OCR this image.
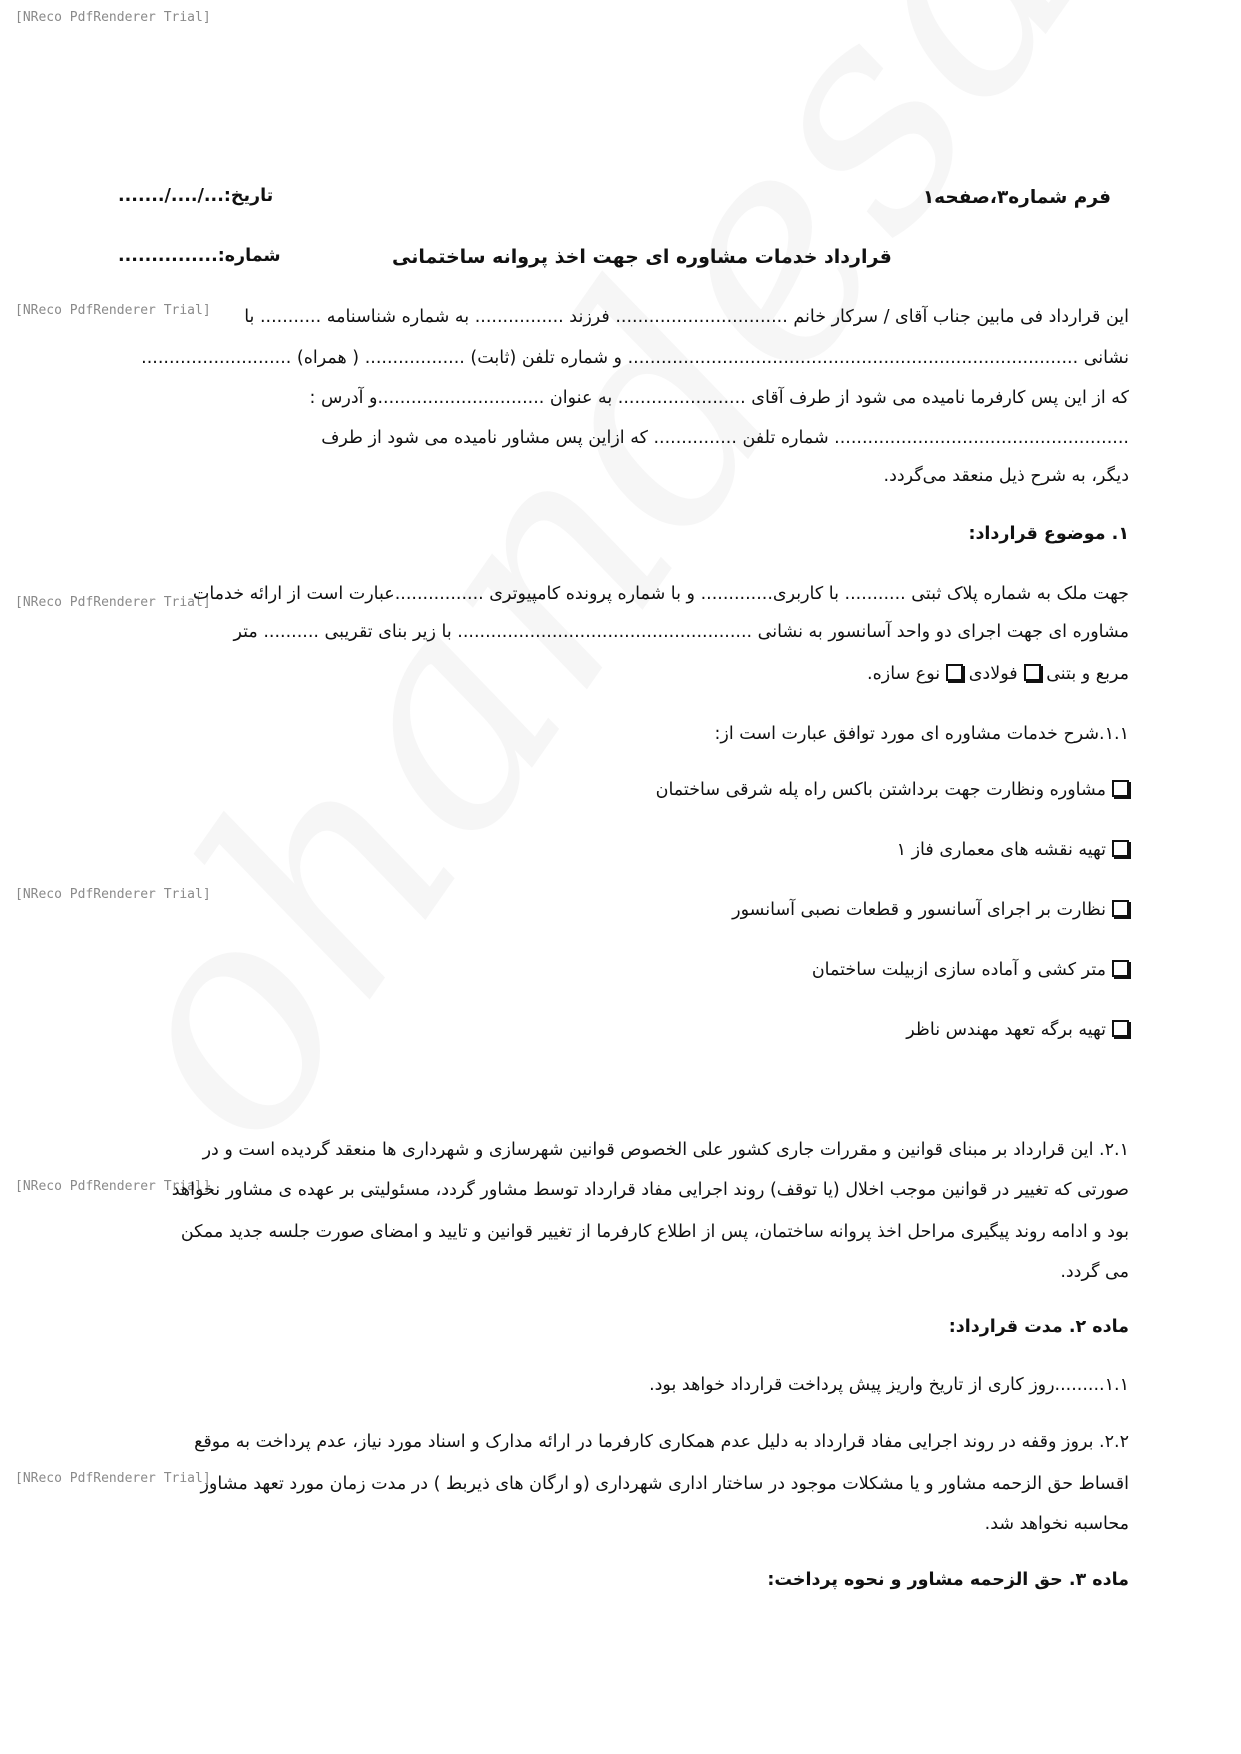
[NReco PdfRenderer Trial]
[NReco PdfRenderer Trial]
[NReco PdfRenderer Trial]
[NReco PdfRenderer Trial]
[NReco PdfRenderer Trial]
[NReco PdfRenderer Trial]
فرم شماره۳،صفحه۱
تاریخ:.../..../.......
قرارداد خدمات مشاوره ای جهت اخذ پروانه ساختمانی
شماره:...............
این قرارداد فی مابین جناب آقای / سرکار خانم ............................... فرزند ................ به شماره شناسنامه ........... با
نشانی ................................................................................. و شماره تلفن (ثابت) .................. ( همراه) ...........................
که از این پس کارفرما نامیده می شود از طرف آقای ....................... به عنوان ..............................و آدرس :
..................................................... شماره تلفن ............... که ازاین پس مشاور نامیده می شود از طرف
دیگر، به شرح ذیل منعقد می‌گردد.
۱. موضوع قرارداد:
جهت ملک به شماره پلاک ثبتی ........... با کاربری............. و با شماره پرونده کامپیوتری ................عبارت است از ارائه خدمات
مشاوره ای جهت اجرای دو واحد آسانسور به نشانی ..................................................... با زیر بنای تقریبی .......... متر
مربع و بتنی فولادی نوع سازه.
۱.۱.شرح خدمات مشاوره ای مورد توافق عبارت است از:
مشاوره ونظارت جهت برداشتن باکس راه پله شرقی ساختمان
تهیه نقشه های معماری فاز ۱
نظارت بر اجرای آسانسور و قطعات نصبی آسانسور
متر کشی و آماده سازی ازبیلت ساختمان
تهیه برگه تعهد مهندس ناظر
۲.۱. این قرارداد بر مبنای قوانین و مقررات جاری کشور علی الخصوص قوانین شهرسازی و شهرداری ها منعقد گردیده است و در
صورتی که تغییر در قوانین موجب اخلال (یا توقف) روند اجرایی مفاد قرارداد توسط مشاور گردد، مسئولیتی بر عهده ی مشاور نخواهد
بود و ادامه روند پیگیری مراحل اخذ پروانه ساختمان، پس از اطلاع کارفرما از تغییر قوانین و تایید و امضای صورت جلسه جدید ممکن
می گردد.
ماده ۲. مدت قرارداد:
۱.۱.........روز کاری از تاریخ واریز پیش پرداخت قرارداد خواهد بود.
۲.۲. بروز وقفه در روند اجرایی مفاد قرارداد به دلیل عدم همکاری کارفرما در ارائه مدارک و اسناد مورد نیاز، عدم پرداخت به موقع
اقساط حق الزحمه مشاور و یا مشکلات موجود در ساختار اداری شهرداری (و ارگان های ذیربط ) در مدت زمان مورد تعهد مشاور
محاسبه نخواهد شد.
ماده ۳. حق الزحمه مشاور و نحوه پرداخت:
